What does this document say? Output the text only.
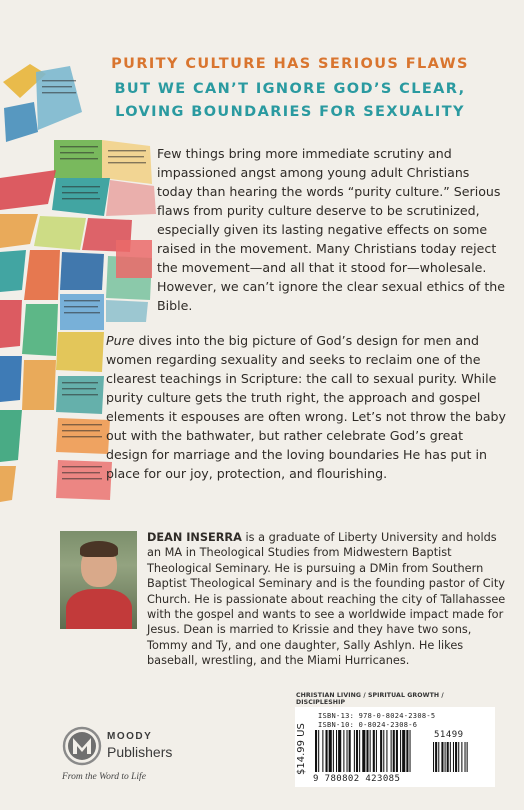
PURITY CULTURE HAS SERIOUS FLAWS
BUT WE CAN’T IGNORE GOD’S CLEAR,
LOVING BOUNDARIES FOR SEXUALITY

Few things bring more immediate scrutiny and impassioned angst among young adult Christians today than hearing the words “purity culture.” Serious flaws from purity culture deserve to be scrutinized, especially given its lasting negative effects on some raised in the movement. Many Christians today reject the movement—and all that it stood for—wholesale. However, we can’t ignore the clear sexual ethics of the Bible.

Pure dives into the big picture of God’s design for men and women regarding sexuality and seeks to reclaim one of the clearest teachings in Scripture: the call to sexual purity. While purity culture gets the truth right, the approach and gospel elements it espouses are often wrong. Let’s not throw the baby out with the bathwater, but rather celebrate God’s great design for marriage and the loving boundaries He has put in place for our joy, protection, and flourishing.

DEAN INSERRA is a graduate of Liberty University and holds an MA in Theological Studies from Midwestern Baptist Theological Seminary. He is pursuing a DMin from Southern Baptist Theological Seminary and is the founding pastor of City Church. He is passionate about reaching the city of Tallahassee with the gospel and wants to see a worldwide impact made for Jesus. Dean is married to Krissie and they have two sons, Tommy and Ty, and one daughter, Sally Ashlyn. He likes baseball, wrestling, and the Miami Hurricanes.

CHRISTIAN LIVING / SPIRITUAL GROWTH / DISCIPLESHIP
$14.99 US
ISBN-13: 978-0-8024-2308-5
ISBN-10: 0-8024-2308-6
9 780802 423085
51499
MOODY
Publishers
From the Word to Life
